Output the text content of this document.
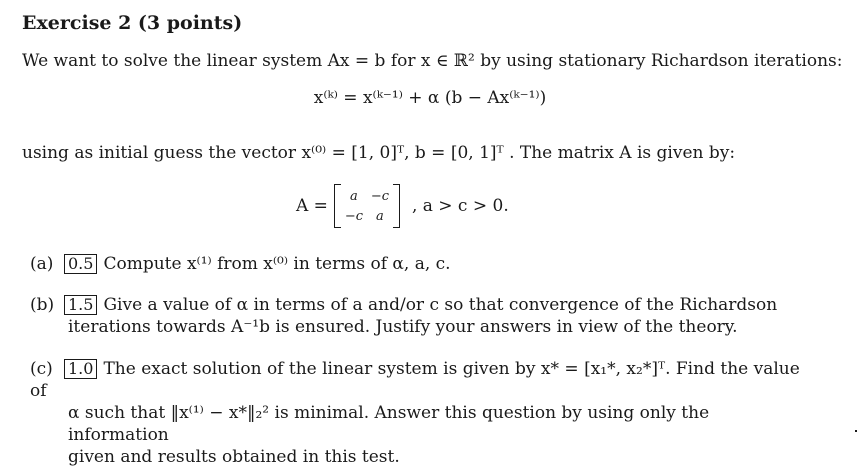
Exercise 2 (3 points)
We want to solve the linear system Ax = b for x ∈ ℝ² by using stationary Richardson iterations:
x⁽ᵏ⁾ = x⁽ᵏ⁻¹⁾ + α (b − Ax⁽ᵏ⁻¹⁾)
using as initial guess the vector x⁽⁰⁾ = [1, 0]ᵀ, b = [0, 1]ᵀ . The matrix A is given by:
A =	a	−c
−c	a	, a > c > 0.
(a) 0.5 Compute x⁽¹⁾ from x⁽⁰⁾ in terms of α, a, c.
(b) 1.5 Give a value of α in terms of a and/or c so that convergence of the Richardson
iterations towards A⁻¹b is ensured. Justify your answers in view of the theory.
(c) 1.0 The exact solution of the linear system is given by x* = [x₁*, x₂*]ᵀ. Find the value of
α such that ‖x⁽¹⁾ − x*‖₂² is minimal. Answer this question by using only the information
given and results obtained in this test.
